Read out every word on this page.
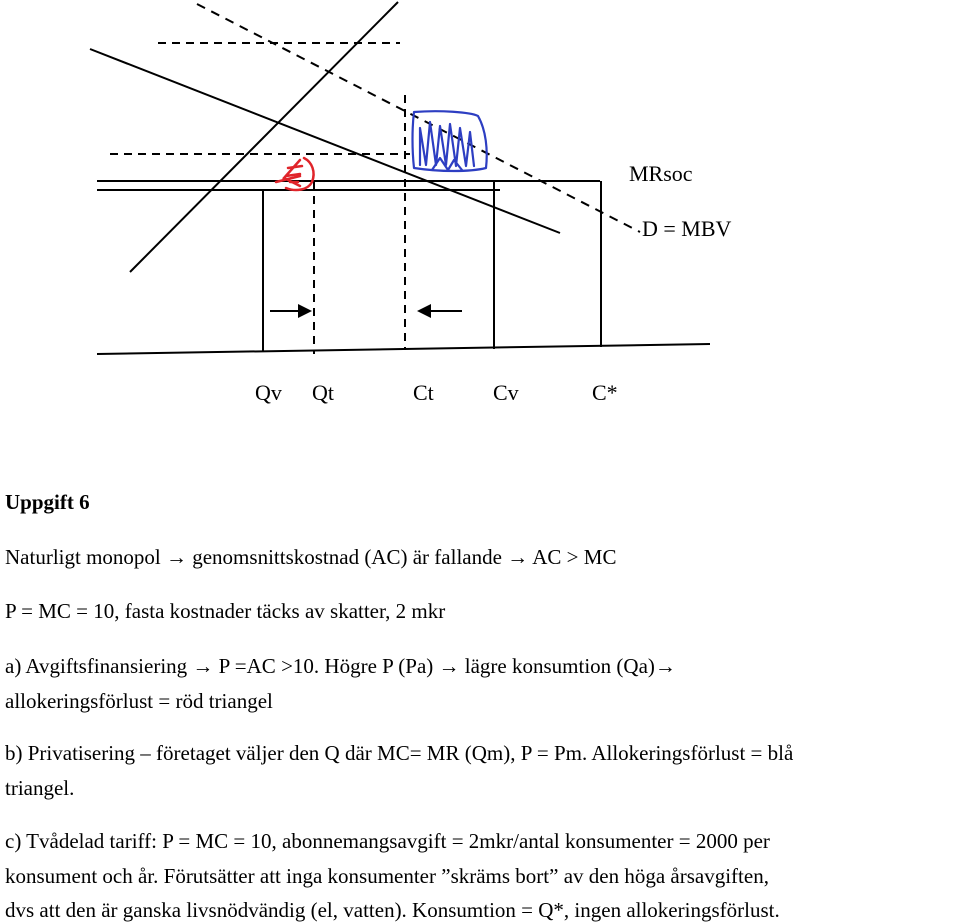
MRsoc
D = MBV
Qv Qt	Ct	Cv	C*
Uppgift 6
Naturligt monopol → genomsnittskostnad (AC) är fallande → AC > MC
P = MC = 10, fasta kostnader täcks av skatter, 2 mkr
a) Avgiftsfinansiering → P =AC >10. Högre P (Pa) → lägre konsumtion (Qa)→
allokeringsförlust = röd triangel
b) Privatisering – företaget väljer den Q där MC= MR (Qm), P = Pm. Allokeringsförlust = blå
triangel.
c) Tvådelad tariff: P = MC = 10, abonnemangsavgift = 2mkr/antal konsumenter = 2000 per
konsument och år. Förutsätter att inga konsumenter ”skräms bort” av den höga årsavgiften,
dvs att den är ganska livsnödvändig (el, vatten). Konsumtion = Q*, ingen allokeringsförlust.
